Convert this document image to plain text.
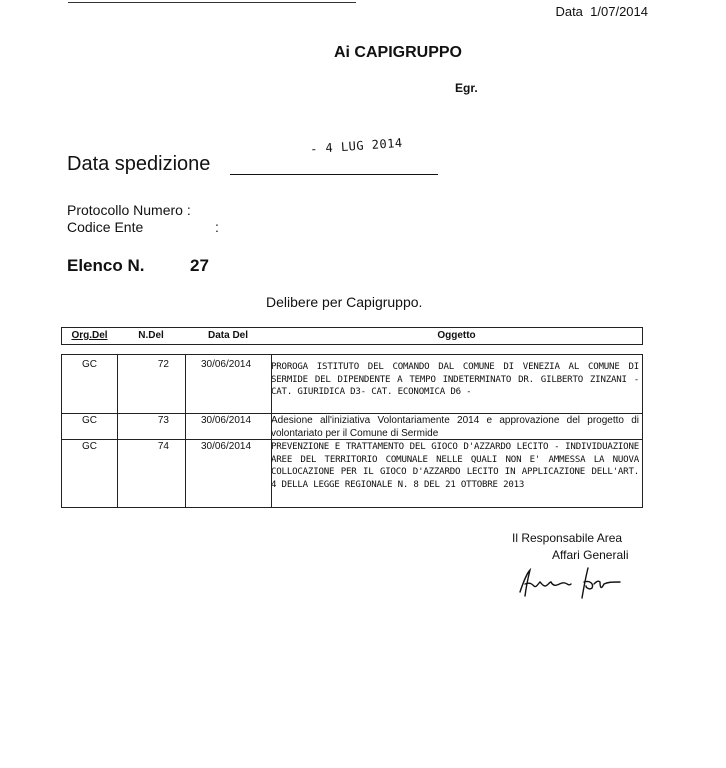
Data 1/07/2014
Ai CAPIGRUPPO
Egr.
- 4 LUG 2014
Data spedizione
Protocollo Numero :
Codice Ente	:
Elenco N.	27
Delibere per Capigruppo.
Org.Del	N.Del	Data Del	Oggetto
GC	72	30/06/2014	PROROGA ISTITUTO DEL COMANDO DAL COMUNE DI VENEZIA AL COMUNE DI SERMIDE DEL DIPENDENTE A TEMPO INDETERMINATO DR. GILBERTO ZINZANI - CAT. GIURIDICA D3- CAT. ECONOMICA D6 -
GC	73	30/06/2014	Adesione all'iniziativa Volontariamente 2014 e approvazione del progetto di volontariato per il Comune di Sermide
GC	74	30/06/2014	PREVENZIONE E TRATTAMENTO DEL GIOCO D'AZZARDO LECITO - INDIVIDUAZIONE AREE DEL TERRITORIO COMUNALE NELLE QUALI NON E' AMMESSA LA NUOVA COLLOCAZIONE PER IL GIOCO D'AZZARDO LECITO IN APPLICAZIONE DELL'ART. 4 DELLA LEGGE REGIONALE N. 8 DEL 21 OTTOBRE 2013
Il Responsabile Area
Affari Generali
